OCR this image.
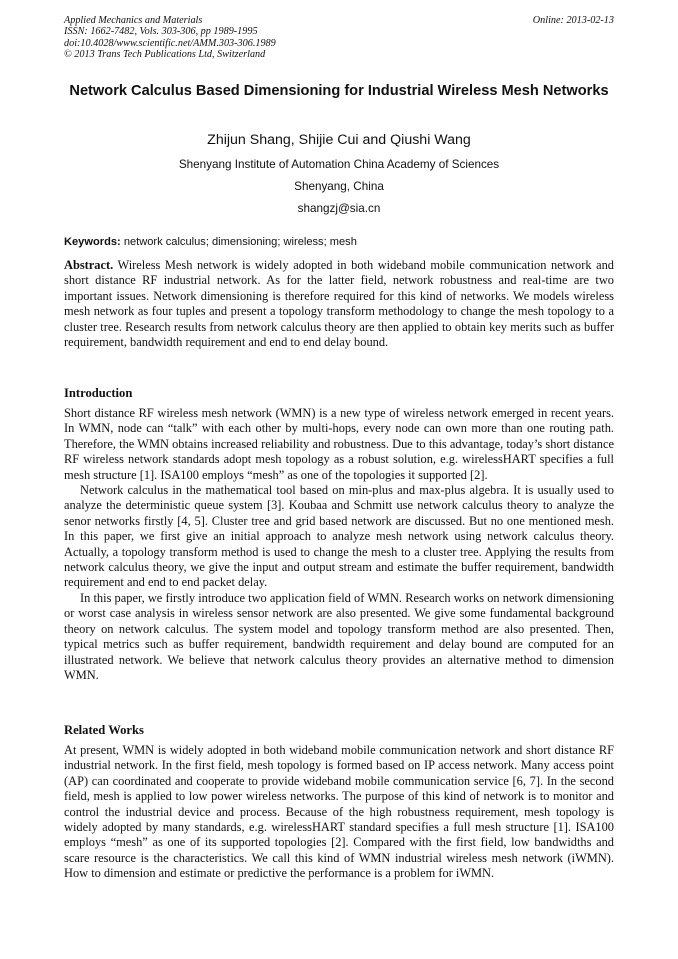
Applied Mechanics and Materials
ISSN: 1662-7482, Vols. 303-306, pp 1989-1995
doi:10.4028/www.scientific.net/AMM.303-306.1989
© 2013 Trans Tech Publications Ltd, Switzerland
Online: 2013-02-13
Network Calculus Based Dimensioning for Industrial Wireless Mesh Networks
Zhijun Shang, Shijie Cui and Qiushi Wang
Shenyang Institute of Automation China Academy of Sciences
Shenyang, China
shangzj@sia.cn
Keywords: network calculus; dimensioning; wireless; mesh

Abstract. Wireless Mesh network is widely adopted in both wideband mobile communication network and short distance RF industrial network. As for the latter field, network robustness and real-time are two important issues. Network dimensioning is therefore required for this kind of networks. We models wireless mesh network as four tuples and present a topology transform methodology to change the mesh topology to a cluster tree. Research results from network calculus theory are then applied to obtain key merits such as buffer requirement, bandwidth requirement and end to end delay bound.

Introduction

Short distance RF wireless mesh network (WMN) is a new type of wireless network emerged in recent years. In WMN, node can “talk” with each other by multi-hops, every node can own more than one routing path. Therefore, the WMN obtains increased reliability and robustness. Due to this advantage, today’s short distance RF wireless network standards adopt mesh topology as a robust solution, e.g. wirelessHART specifies a full mesh structure [1]. ISA100 employs “mesh” as one of the topologies it supported [2].

Network calculus in the mathematical tool based on min-plus and max-plus algebra. It is usually used to analyze the deterministic queue system [3]. Koubaa and Schmitt use network calculus theory to analyze the senor networks firstly [4, 5]. Cluster tree and grid based network are discussed. But no one mentioned mesh. In this paper, we first give an initial approach to analyze mesh network using network calculus theory. Actually, a topology transform method is used to change the mesh to a cluster tree. Applying the results from network calculus theory, we give the input and output stream and estimate the buffer requirement, bandwidth requirement and end to end packet delay.

In this paper, we firstly introduce two application field of WMN. Research works on network dimensioning or worst case analysis in wireless sensor network are also presented. We give some fundamental background theory on network calculus. The system model and topology transform method are also presented. Then, typical metrics such as buffer requirement, bandwidth requirement and delay bound are computed for an illustrated network. We believe that network calculus theory provides an alternative method to dimension WMN.

Related Works

At present, WMN is widely adopted in both wideband mobile communication network and short distance RF industrial network. In the first field, mesh topology is formed based on IP access network. Many access point (AP) can coordinated and cooperate to provide wideband mobile communication service [6, 7]. In the second field, mesh is applied to low power wireless networks. The purpose of this kind of network is to monitor and control the industrial device and process. Because of the high robustness requirement, mesh topology is widely adopted by many standards, e.g. wirelessHART standard specifies a full mesh structure [1]. ISA100 employs “mesh” as one of its supported topologies [2]. Compared with the first field, low bandwidths and scare resource is the characteristics. We call this kind of WMN industrial wireless mesh network (iWMN). How to dimension and estimate or predictive the performance is a problem for iWMN.
